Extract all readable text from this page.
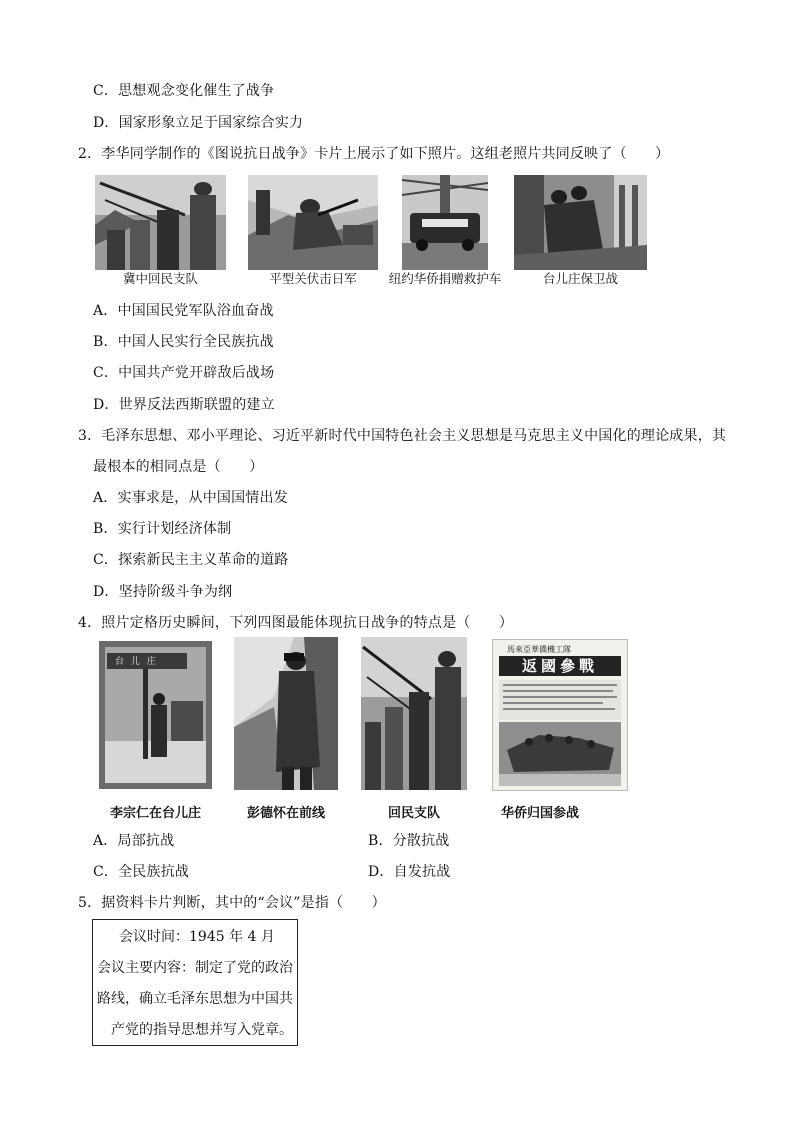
C．思想观念变化催生了战争
D．国家形象立足于国家综合实力
2．李华同学制作的《图说抗日战争》卡片上展示了如下照片。这组老照片共同反映了（　　）
冀中回民支队	平型关伏击日军	纽约华侨捐赠救护车	台儿庄保卫战
A．中国国民党军队浴血奋战
B．中国人民实行全民族抗战
C．中国共产党开辟敌后战场
D．世界反法西斯联盟的建立
3．毛泽东思想、邓小平理论、习近平新时代中国特色社会主义思想是马克思主义中国化的理论成果，其
最根本的相同点是（　　）
A．实事求是，从中国国情出发
B．实行计划经济体制
C．探索新民主主义革命的道路
D．坚持阶级斗争为纲
4．照片定格历史瞬间，下列四图最能体现抗日战争的特点是（　　）
台 儿 庄
馬來亞華僑機工隊
返國參戰
李宗仁在台儿庄	彭德怀在前线	回民支队	华侨归国参战
A．局部抗战	B．分散抗战
C．全民族抗战	D．自发抗战
5．据资料卡片判断，其中的“会议”是指（　　）
会议时间：1945 年 4 月
会议主要内容：制定了党的政治
路线，确立毛泽东思想为中国共
产党的指导思想并写入党章。
